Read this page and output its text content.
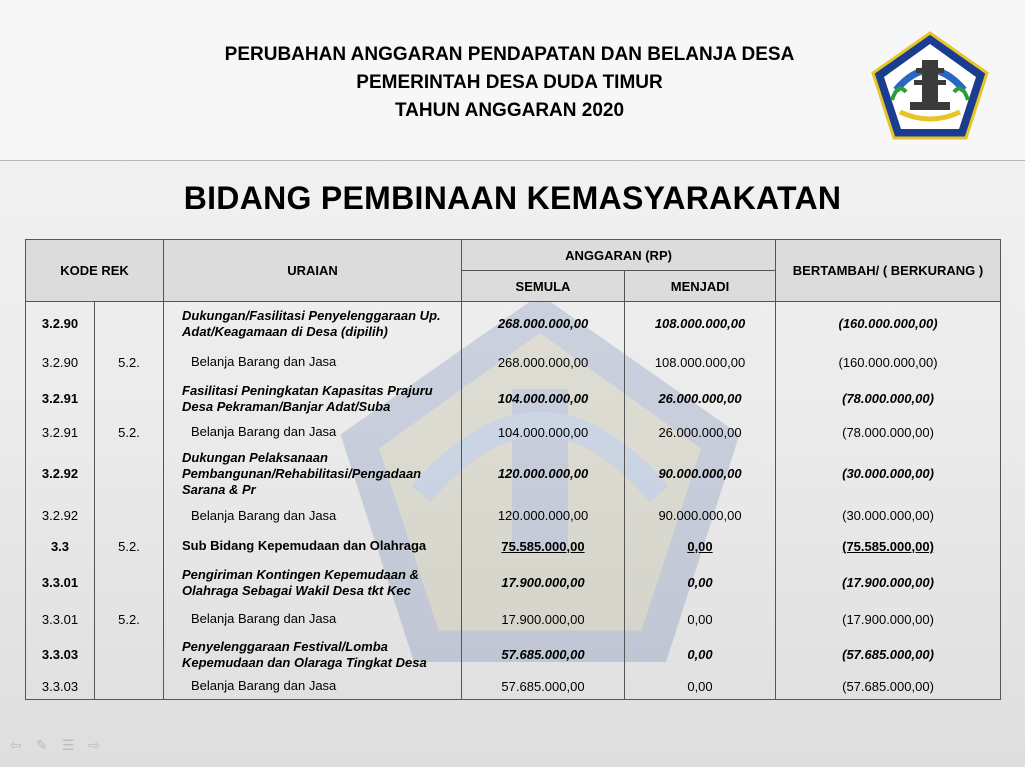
PERUBAHAN ANGGARAN PENDAPATAN DAN BELANJA DESA
PEMERINTAH DESA DUDA TIMUR
TAHUN ANGGARAN 2020
BIDANG PEMBINAAN KEMASYARAKATAN
KODE REK		URAIAN	ANGGARAN (RP)		BERTAMBAH/ ( BERKURANG )
			SEMULA	MENJADI	
3.2.90		Dukungan/Fasilitasi Penyelenggaraan Up. Adat/Keagamaan di Desa (dipilih)	268.000.000,00	108.000.000,00	(160.000.000,00)
3.2.90	5.2.	Belanja Barang dan Jasa	268.000.000,00	108.000.000,00	(160.000.000,00)
3.2.91		Fasilitasi Peningkatan Kapasitas Prajuru Desa Pekraman/Banjar Adat/Suba	104.000.000,00	26.000.000,00	(78.000.000,00)
3.2.91	5.2.	Belanja Barang dan Jasa	104.000.000,00	26.000.000,00	(78.000.000,00)
3.2.92		Dukungan Pelaksanaan Pembangunan/Rehabilitasi/Pengadaan Sarana & Pr	120.000.000,00	90.000.000,00	(30.000.000,00)
3.2.92		Belanja Barang dan Jasa	120.000.000,00	90.000.000,00	(30.000.000,00)
3.3	5.2.	Sub Bidang Kepemudaan dan Olahraga	75.585.000,00	0,00	(75.585.000,00)
3.3.01		Pengiriman Kontingen Kepemudaan & Olahraga Sebagai Wakil Desa tkt Kec	17.900.000,00	0,00	(17.900.000,00)
3.3.01	5.2.	Belanja Barang dan Jasa	17.900.000,00	0,00	(17.900.000,00)
3.3.03		Penyelenggaraan Festival/Lomba Kepemudaan dan Olaraga Tingkat Desa	57.685.000,00	0,00	(57.685.000,00)
3.3.03		Belanja Barang dan Jasa	57.685.000,00	0,00	(57.685.000,00)
⇦	✎	☰ ⇨
